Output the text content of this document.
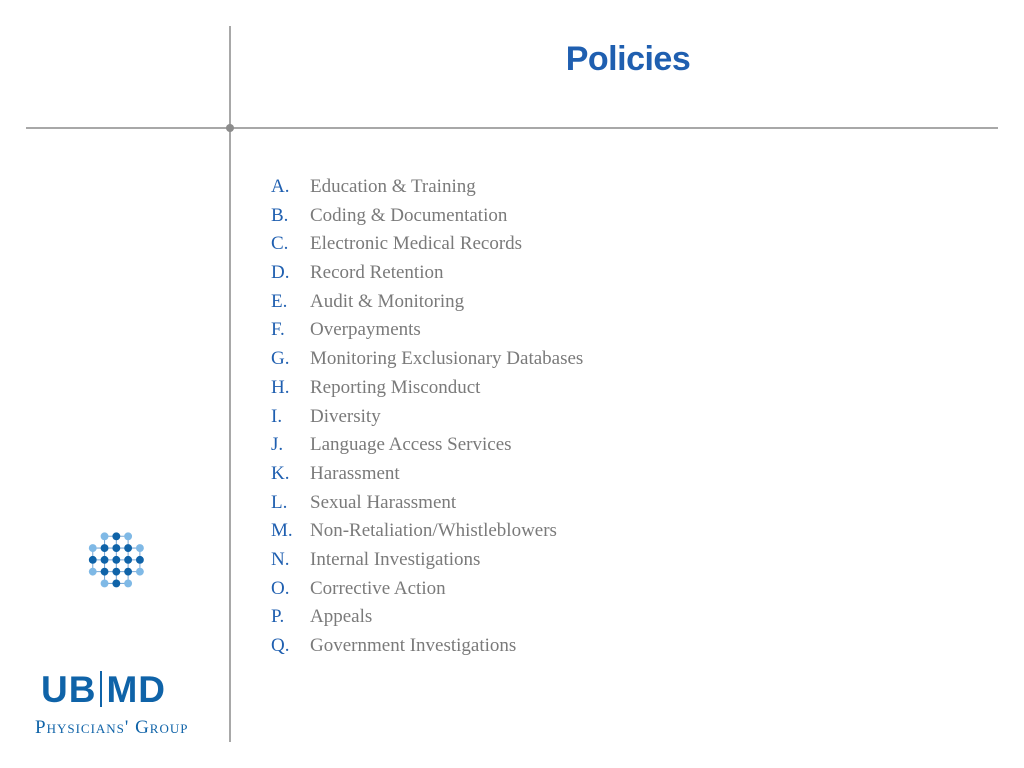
Policies
A. Education & Training
B. Coding & Documentation
C. Electronic Medical Records
D. Record Retention
E. Audit & Monitoring
F. Overpayments
G. Monitoring Exclusionary Databases
H. Reporting Misconduct
I. Diversity
J. Language Access Services
K. Harassment
L. Sexual Harassment
M. Non-Retaliation/Whistleblowers
N. Internal Investigations
O. Corrective Action
P. Appeals
Q. Government Investigations
UB MD
Physicians' Group
